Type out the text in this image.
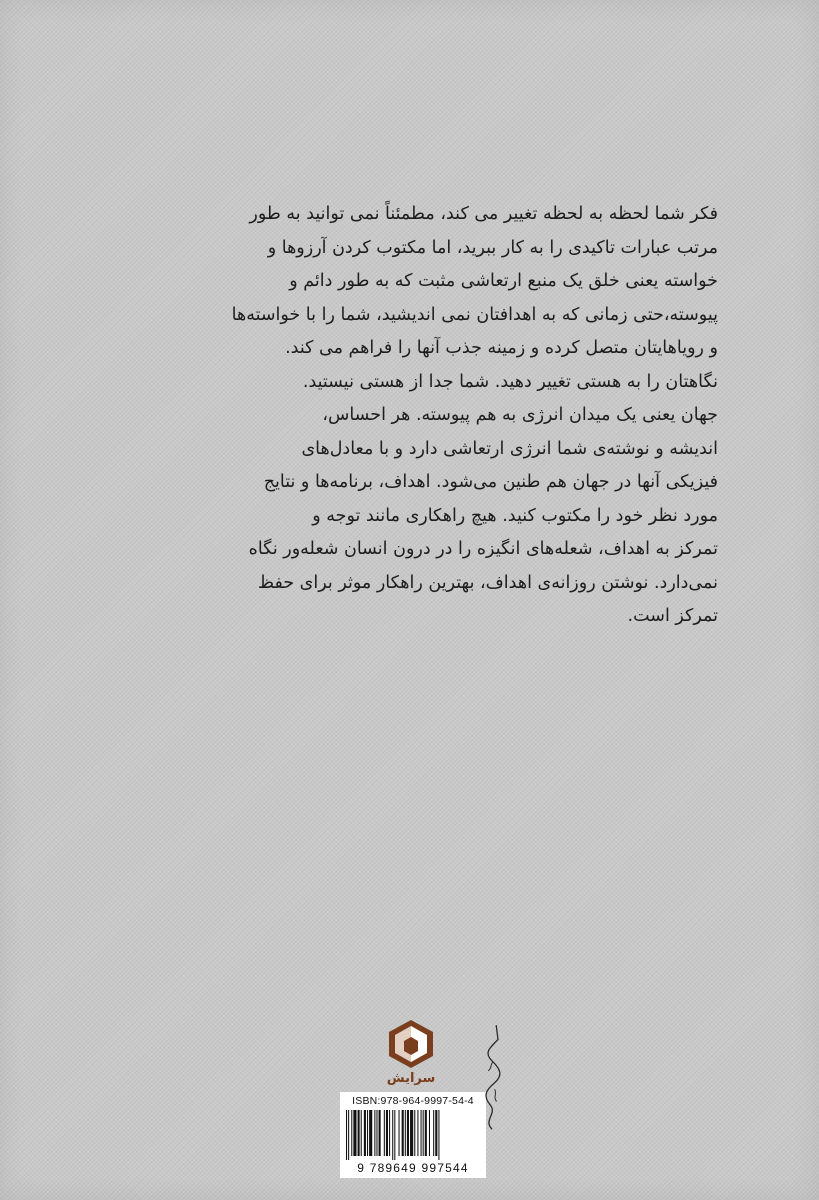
فکر شما لحظه به لحظه تغییر می کند، مطمئناً نمی توانید به طور
مرتب عبارات تاکیدی را به کار ببرید، اما مکتوب کردن آرزوها و
خواسته یعنی خلق یک منبع ارتعاشی مثبت که به طور دائم و
پیوسته،حتی زمانی که به اهدافتان نمی اندیشید، شما را با خواسته‌ها
و رویاهایتان متصل کرده و زمینه جذب آنها را فراهم می کند.
نگاهتان را به هستی تغییر دهید. شما جدا از هستی نیستید.
جهان یعنی یک میدان انرژی به هم پیوسته. هر احساس،
اندیشه و نوشته‌ی شما انرژی ارتعاشی دارد و با معادل‌های
فیزیکی آنها در جهان هم طنین می‌شود. اهداف، برنامه‌ها و نتایج
مورد نظر خود را مکتوب کنید. هیچ راهکاری مانند توجه و
تمرکز به اهداف، شعله‌های انگیزه را در درون انسان شعله‌ور نگاه
نمی‌دارد. نوشتن روزانه‌ی اهداف، بهترین راهکار موثر برای حفظ
تمرکز است.

سرایش
ISBN:978-964-9997-54-4
9 789649 997544
